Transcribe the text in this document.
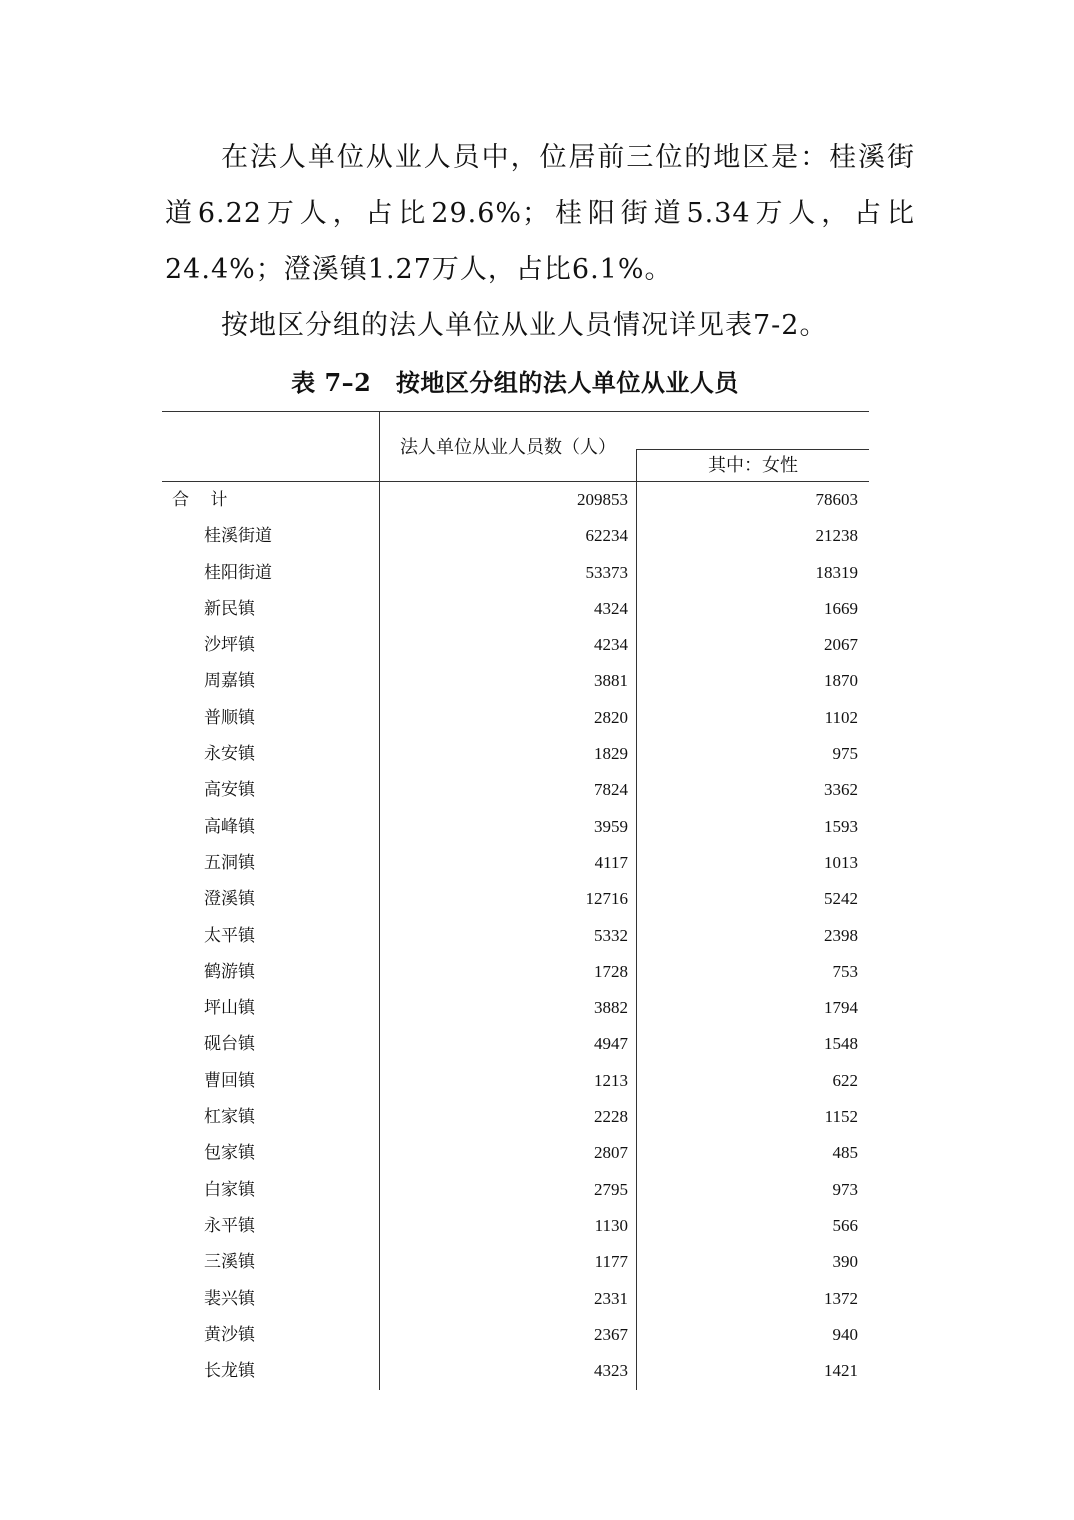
在法人单位从业人员中，位居前三位的地区是：桂溪街道6.22万人，占比29.6%；桂阳街道5.34万人，占比24.4%；澄溪镇1.27万人，占比6.1%。

按地区分组的法人单位从业人员情况详见表7-2。

表 7–2　按地区分组的法人单位从业人员
法人单位从业人员数（人）
其中：女性
合 计	209853	78603
桂溪街道	62234	21238
桂阳街道	53373	18319
新民镇	4324	1669
沙坪镇	4234	2067
周嘉镇	3881	1870
普顺镇	2820	1102
永安镇	1829	975
高安镇	7824	3362
高峰镇	3959	1593
五洞镇	4117	1013
澄溪镇	12716	5242
太平镇	5332	2398
鹤游镇	1728	753
坪山镇	3882	1794
砚台镇	4947	1548
曹回镇	1213	622
杠家镇	2228	1152
包家镇	2807	485
白家镇	2795	973
永平镇	1130	566
三溪镇	1177	390
裴兴镇	2331	1372
黄沙镇	2367	940
长龙镇	4323	1421
